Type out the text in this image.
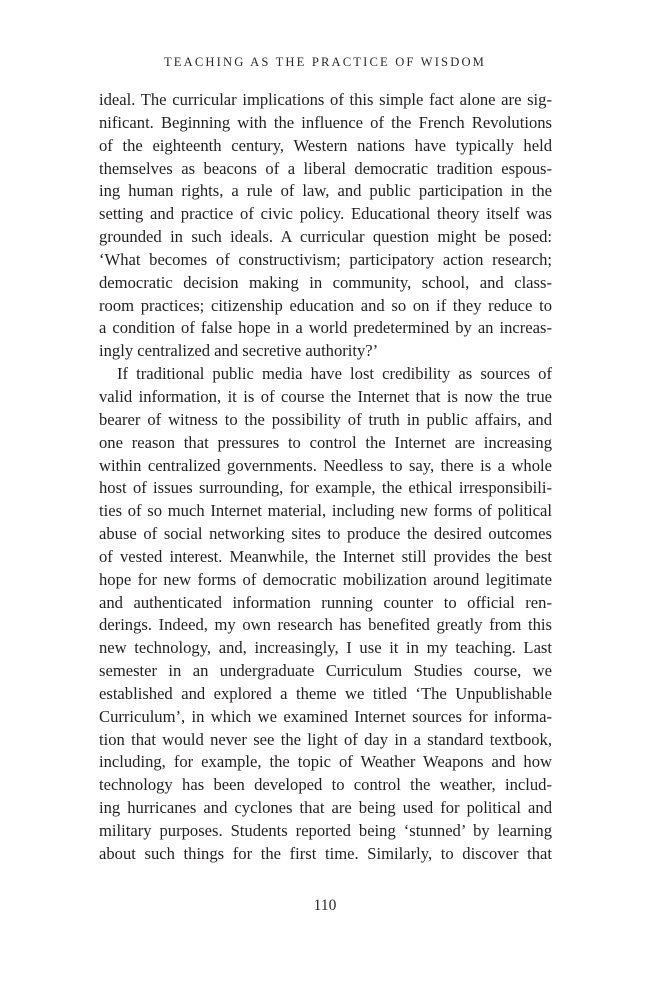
TEACHING AS THE PRACTICE OF WISDOM
ideal. The curricular implications of this simple fact alone are sig-
nificant. Beginning with the influence of the French Revolutions
of the eighteenth century, Western nations have typically held
themselves as beacons of a liberal democratic tradition espous-
ing human rights, a rule of law, and public participation in the
setting and practice of civic policy. Educational theory itself was
grounded in such ideals. A curricular question might be posed:
‘What becomes of constructivism; participatory action research;
democratic decision making in community, school, and class-
room practices; citizenship education and so on if they reduce to
a condition of false hope in a world predetermined by an increas-
ingly centralized and secretive authority?’
If traditional public media have lost credibility as sources of
valid information, it is of course the Internet that is now the true
bearer of witness to the possibility of truth in public affairs, and
one reason that pressures to control the Internet are increasing
within centralized governments. Needless to say, there is a whole
host of issues surrounding, for example, the ethical irresponsibili-
ties of so much Internet material, including new forms of political
abuse of social networking sites to produce the desired outcomes
of vested interest. Meanwhile, the Internet still provides the best
hope for new forms of democratic mobilization around legitimate
and authenticated information running counter to official ren-
derings. Indeed, my own research has benefited greatly from this
new technology, and, increasingly, I use it in my teaching. Last
semester in an undergraduate Curriculum Studies course, we
established and explored a theme we titled ‘The Unpublishable
Curriculum’, in which we examined Internet sources for informa-
tion that would never see the light of day in a standard textbook,
including, for example, the topic of Weather Weapons and how
technology has been developed to control the weather, includ-
ing hurricanes and cyclones that are being used for political and
military purposes. Students reported being ‘stunned’ by learning
about such things for the first time. Similarly, to discover that
110
